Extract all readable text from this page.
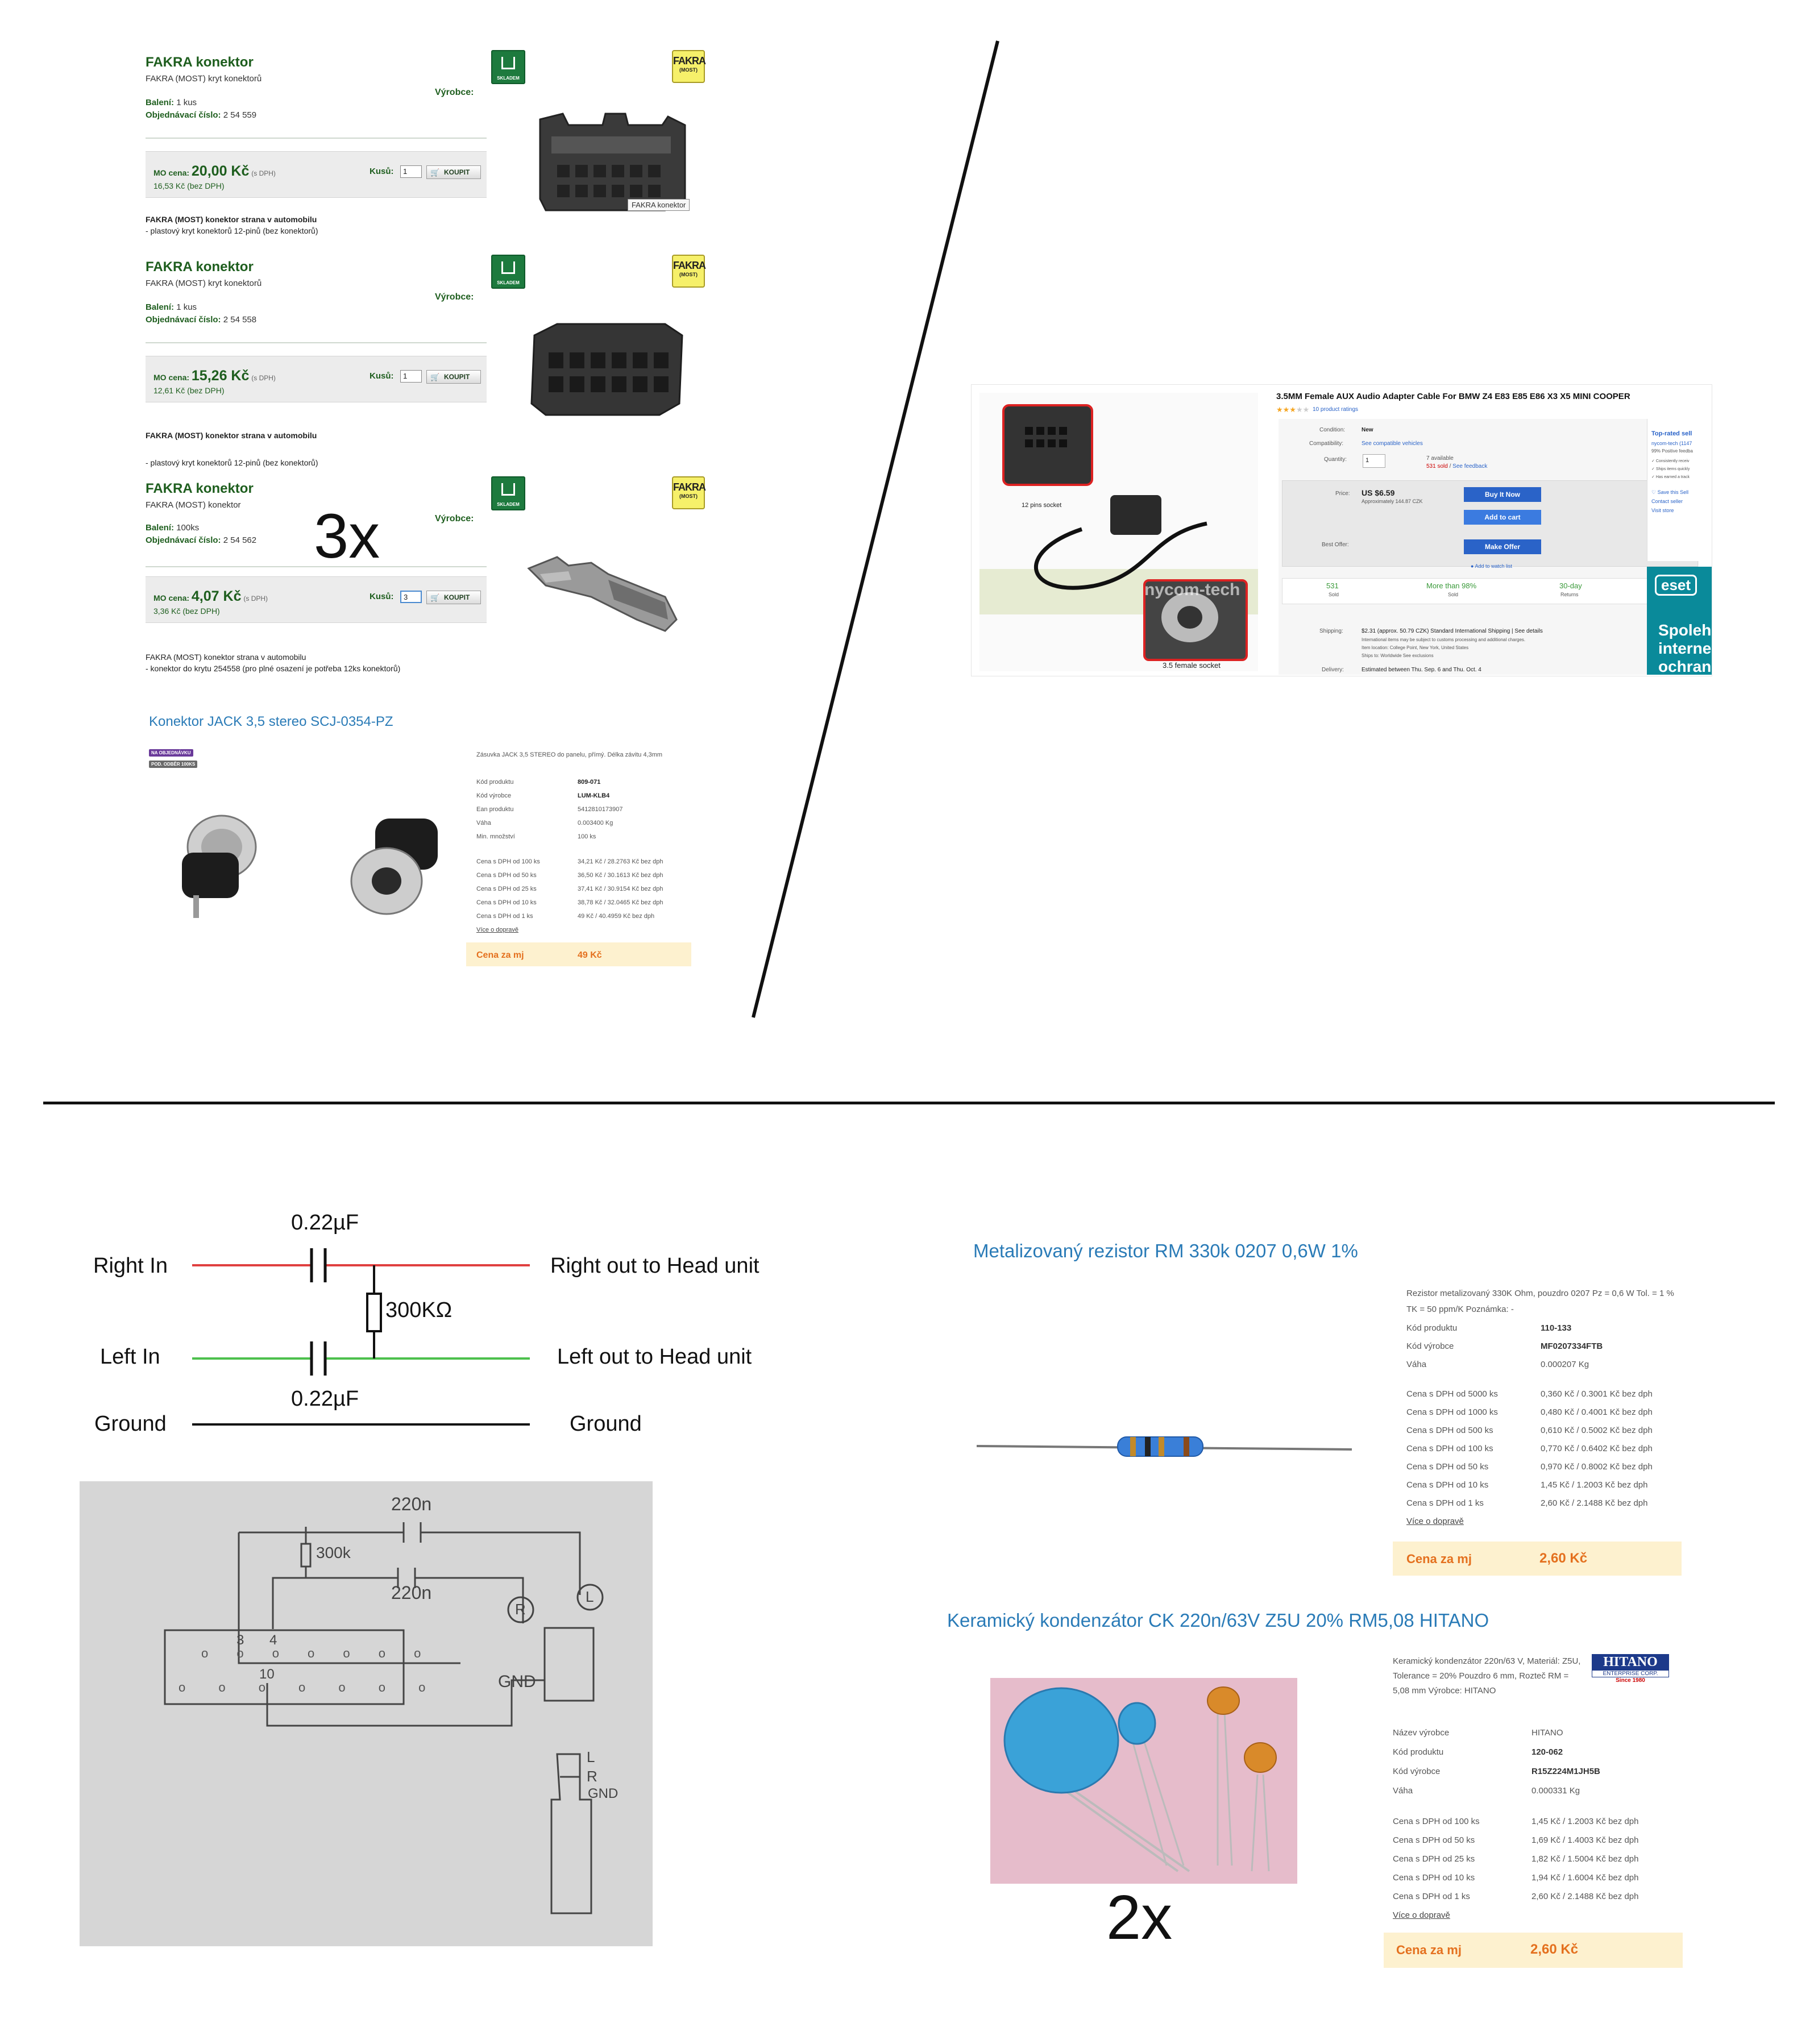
FAKRA konektor
FAKRA (MOST) kryt konektorů
Balení: 1 kus
Objednávací číslo: 2 54 559
Výrobce:
MO cena: 20,00 Kč (s DPH)
16,53 Kč (bez DPH)
Kusů:	1	🛒 KOUPIT
FAKRA (MOST) konektor strana v automobilu
- plastový kryt konektorů 12-pinů (bez konektorů)
SKLADEM
FAKRA
(MOST)
FAKRA konektor
FAKRA konektor
FAKRA (MOST) kryt konektorů
Balení: 1 kus
Objednávací číslo: 2 54 558
Výrobce:
MO cena: 15,26 Kč (s DPH)
12,61 Kč (bez DPH)
Kusů:	1	🛒 KOUPIT
FAKRA (MOST) konektor strana v automobilu
- plastový kryt konektorů 12-pinů (bez konektorů)
SKLADEM
FAKRA
(MOST)
FAKRA konektor
FAKRA (MOST) konektor
Balení: 100ks
Objednávací číslo: 2 54 562
Výrobce:
MO cena: 4,07 Kč (s DPH)
3,36 Kč (bez DPH)
Kusů:	3	🛒 KOUPIT
FAKRA (MOST) konektor strana v automobilu
- konektor do krytu 254558 (pro plné osazení je potřeba 12ks konektorů)
SKLADEM
FAKRA
(MOST)
3x
Konektor JACK 3,5 stereo SCJ-0354-PZ
NA OBJEDNÁVKU
POD. ODBĚR 100KS
Zásuvka JACK 3,5 STEREO do panelu, přímý. Délka závitu 4,3mm
Kód produktu	809-071
Kód výrobce	LUM-KLB4
Ean produktu	5412810173907
Váha	0.003400 Kg
Min. množství	100 ks
Cena s DPH od 100 ks	34,21 Kč / 28.2763 Kč bez dph
Cena s DPH od 50 ks	36,50 Kč / 30.1613 Kč bez dph
Cena s DPH od 25 ks	37,41 Kč / 30.9154 Kč bez dph
Cena s DPH od 10 ks	38,78 Kč / 32.0465 Kč bez dph
Cena s DPH od 1 ks	49 Kč / 40.4959 Kč bez dph
Více o dopravě
Cena za mj	49 Kč
12 pins socket
nycom-tech
3.5 female socket
3.5MM Female AUX Audio Adapter Cable For BMW Z4 E83 E85 E86 X3 X5 MINI COOPER
★★★★★ 10 product ratings
Condition:	New
Compatibility:	See compatible vehicles
Quantity:	1	7 available
531 sold / See feedback
Price: US $6.59
Approximately 144.87 CZK
Buy It Now
Add to cart
Best Offer:	Make Offer
● Add to watch list
531
Sold
More than 98%
Sold
30-day
Returns
Shipping:	$2.31 (approx. 50.79 CZK) Standard International Shipping | See details
International items may be subject to customs processing and additional charges.
Item location: College Point, New York, United States
Ships to: Worldwide See exclusions
Delivery:	Estimated between Thu. Sep. 6 and Thu. Oct. 4
Top-rated sell
nycom-tech (1147
99% Positive feedba
✓ Consistently receiv
✓ Ships items quickly
✓ Has earned a track
♡ Save this Sell
Contact seller
Visit store
eset
Spoleh
interne
ochran
0.22µF
0.22µF
300KΩ
Right In	Right out to Head unit
Left In	Left out to Head unit
Ground	Ground
220n
220n
300k
3 4
10
R
L
GND
L
R
GND
o o o o o o o
o o o o o o o
Metalizovaný rezistor RM 330k 0207 0,6W 1%
Rezistor metalizovaný 330K Ohm, pouzdro 0207 Pz = 0,6 W Tol. = 1 % TK = 50 ppm/K Poznámka: -
Kód produktu	110-133
Kód výrobce	MF0207334FTB
Váha	0.000207 Kg
Cena s DPH od 5000 ks	0,360 Kč / 0.3001 Kč bez dph
Cena s DPH od 1000 ks	0,480 Kč / 0.4001 Kč bez dph
Cena s DPH od 500 ks	0,610 Kč / 0.5002 Kč bez dph
Cena s DPH od 100 ks	0,770 Kč / 0.6402 Kč bez dph
Cena s DPH od 50 ks	0,970 Kč / 0.8002 Kč bez dph
Cena s DPH od 10 ks	1,45 Kč / 1.2003 Kč bez dph
Cena s DPH od 1 ks	2,60 Kč / 2.1488 Kč bez dph
Více o dopravě
Cena za mj	2,60 Kč
Keramický kondenzátor CK 220n/63V Z5U 20% RM5,08 HITANO
2x
Keramický kondenzátor 220n/63 V, Materiál: Z5U, Tolerance = 20% Pouzdro 6 mm, Rozteč RM = 5,08 mm Výrobce: HITANO
HITANO
ENTERPRISE CORP.
Since 1980
Název výrobce	HITANO
Kód produktu	120-062
Kód výrobce	R15Z224M1JH5B
Váha	0.000331 Kg
Cena s DPH od 100 ks	1,45 Kč / 1.2003 Kč bez dph
Cena s DPH od 50 ks	1,69 Kč / 1.4003 Kč bez dph
Cena s DPH od 25 ks	1,82 Kč / 1.5004 Kč bez dph
Cena s DPH od 10 ks	1,94 Kč / 1.6004 Kč bez dph
Cena s DPH od 1 ks	2,60 Kč / 2.1488 Kč bez dph
Více o dopravě
Cena za mj	2,60 Kč
